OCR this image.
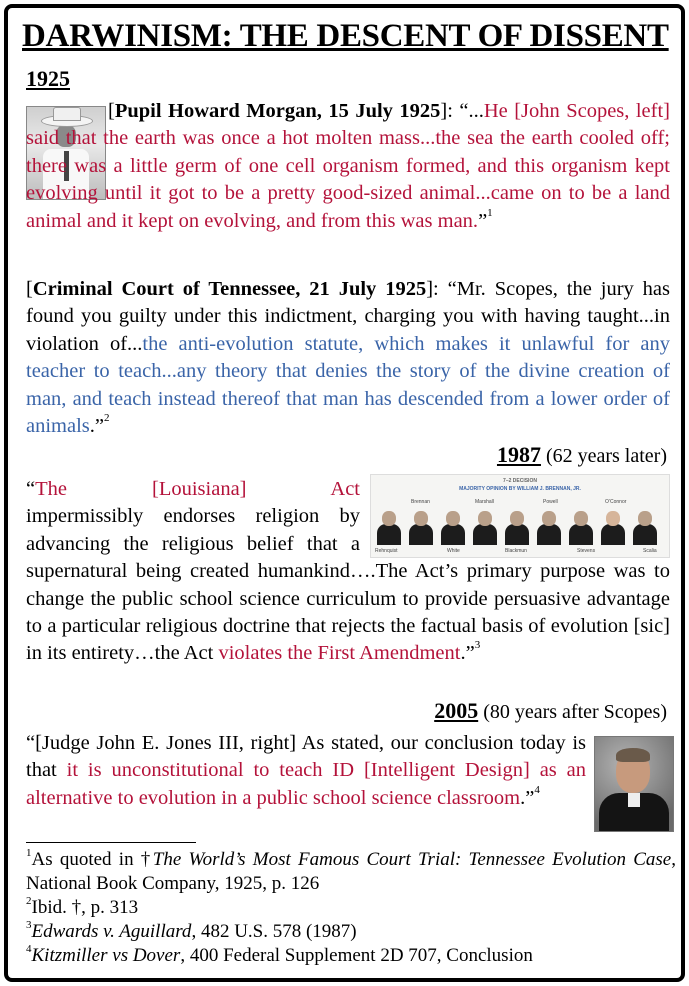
DARWINISM: THE DESCENT OF DISSENT
1925

[Pupil Howard Morgan, 15 July 1925]: “...He [John Scopes, left] said that the earth was once a hot molten mass...the sea the earth cooled off; there was a little germ of one cell organism formed, and this organism kept evolving until it got to be a pretty good-sized animal...came on to be a land animal and it kept on evolving, and from this was man.”$^1$

[Criminal Court of Tennessee, 21 July 1925]: “Mr. Scopes, the jury has found you guilty under this indictment, charging you with having taught...in violation of...the anti-evolution statute, which makes it unlawful for any teacher to teach...any theory that denies the story of the divine creation of man, and teach instead thereof that man has descended from a lower order of animals.”$^2$

1987 (62 years later)
7–2 DECISION
MAJORITY OPINION BY WILLIAM J. BRENNAN, JR.
Brennan	Marshall	Powell	O’Connor
Rehnquist	White	Blackmun	Stevens	Scalia

“The [Louisiana] Act impermissibly endorses religion by advancing the religious belief that a supernatural being created humankind….The Act’s primary purpose was to change the public school science curriculum to provide persuasive advantage to a particular religious doctrine that rejects the factual basis of evolution [sic] in its entirety…the Act violates the First Amendment.”$^3$

2005 (80 years after Scopes)

“[Judge John E. Jones III, right] As stated, our conclusion today is that it is unconstitutional to teach ID [Intelligent Design] as an alternative to evolution in a public school science classroom.”$^4$

$^1$As quoted in †The World’s Most Famous Court Trial: Tennessee Evolution Case, National Book Company, 1925, p. 126
$^2$Ibid. †, p. 313
$^3$Edwards v. Aguillard, 482 U.S. 578 (1987)
$^4$Kitzmiller vs Dover, 400 Federal Supplement 2D 707, Conclusion
